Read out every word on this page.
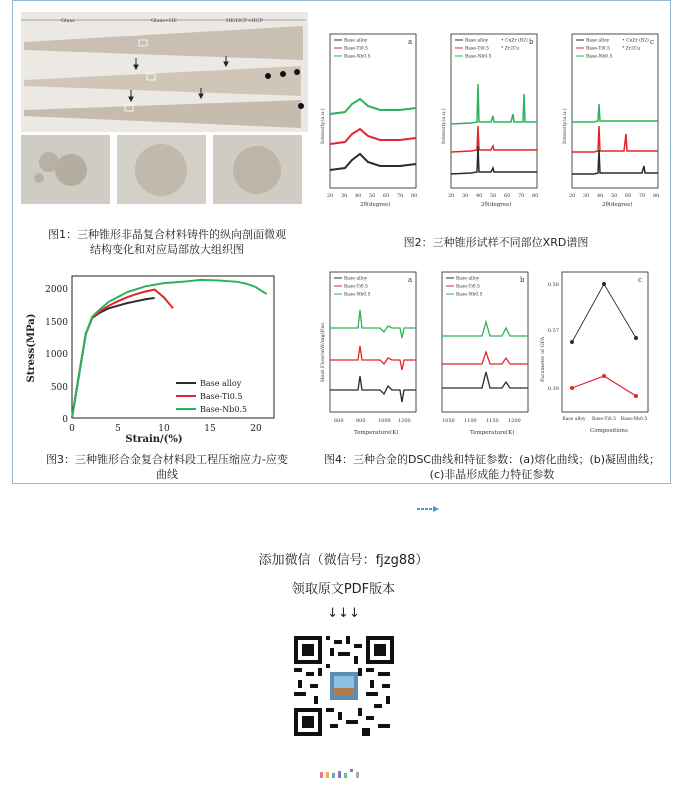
Glass	Glass+HE	HE/HCP+HCP
图1：三种锥形非晶复合材料铸件的纵向剖面微观
结构变化和对应局部放大组织图
a
Base alloy
Base-Ti0.5
Base-Nb0.5
Intensity(a.u.)
2θ(degree)
20 30 40 50 60 70 80
b
Base alloy
Base-Ti0.5
Base-Nb0.5
• CuZr (B2)
* Zr2Cu
Intensity(a.u.)
2θ(degree)
20 30 40 50 60 70 80
c
Base alloy
Base-Ti0.5
Base-Nb0.5
• CuZr (B2)
* Zr2Cu
Intensity(a.u.)
2θ(degree)
20 30 40 50 60 70 80
图2：三种锥形试样不同部位XRD谱图
Strain/(%)
Stress(MPa)
0	5	10	15	20
0
500
1000
1500
2000
Base alloy
Base-Ti0.5
Base-Nb0.5
图3：三种锥形合金复合材料段工程压缩应力-应变
曲线
a
Base alloy
Base-Ti0.5
Base-Nb0.5
Heat Flow(mW/mg)Exo
Temperature(K)
600 800 1000 1200
b
Base alloy
Base-Ti0.5
Base-Nb0.5
Temperature(K)
1050 1100 1150 1200
c
Parameter of GFA
0.58
0.57
0.39
Base alloy Base-Ti0.5 Base-Nb0.5
Compositions
图4：三种合金的DSC曲线和特征参数：(a)熔化曲线；(b)凝固曲线；
(c)非晶形成能力特征参数
添加微信（微信号：fjzg88）
领取原文PDF版本
↓↓↓
